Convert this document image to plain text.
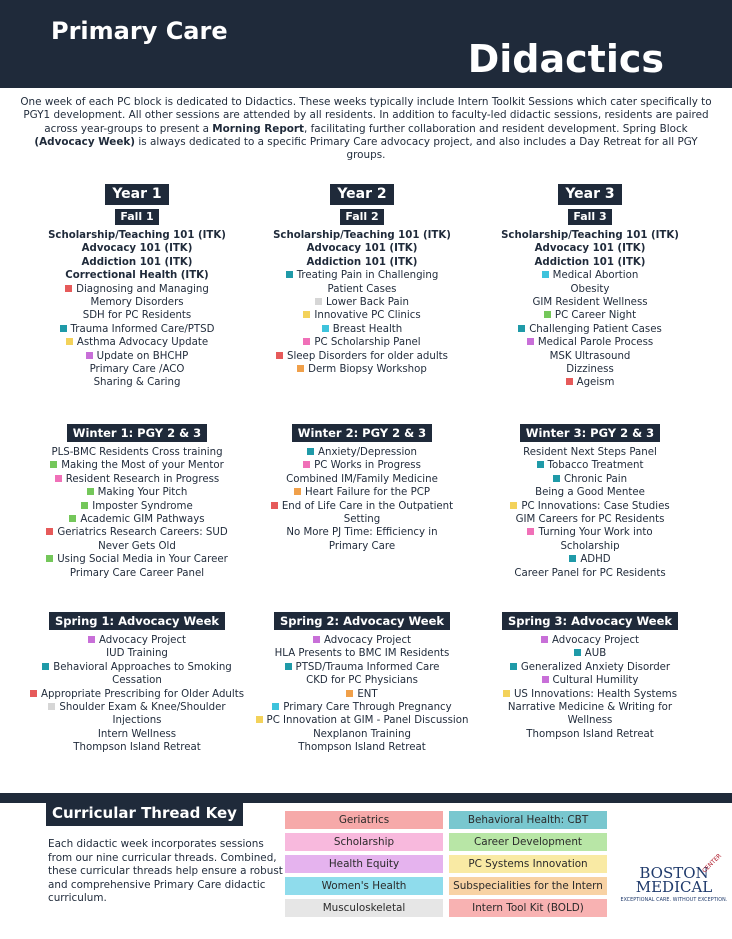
Primary Care
Didactics
One week of each PC block is dedicated to Didactics. These weeks typically include Intern Toolkit Sessions which cater specifically to PGY1 development. All other sessions are attended by all residents. In addition to faculty-led didactic sessions, residents are paired across year-groups to present a Morning Report, facilitating further collaboration and resident development. Spring Block (Advocacy Week) is always dedicated to a specific Primary Care advocacy project, and also includes a Day Retreat for all PGY groups.
Year 1
Fall 1
Scholarship/Teaching 101 (ITK)
Advocacy 101 (ITK)
Addiction 101 (ITK)
Correctional Health (ITK)
Diagnosing and Managing
Memory Disorders
SDH for PC Residents
Trauma Informed Care/PTSD
Asthma Advocacy Update
Update on BHCHP
Primary Care /ACO
Sharing & Caring
Winter 1: PGY 2 & 3
PLS-BMC Residents Cross training
Making the Most of your Mentor
Resident Research in Progress
Making Your Pitch
Imposter Syndrome
Academic GIM Pathways
Geriatrics Research Careers: SUD
Never Gets Old
Using Social Media in Your Career
Primary Care Career Panel
Spring 1: Advocacy Week
Advocacy Project
IUD Training
Behavioral Approaches to Smoking
Cessation
Appropriate Prescribing for Older Adults
Shoulder Exam & Knee/Shoulder
Injections
Intern Wellness
Thompson Island Retreat
Year 2
Fall 2
Scholarship/Teaching 101 (ITK)
Advocacy 101 (ITK)
Addiction 101 (ITK)
Treating Pain in Challenging
Patient Cases
Lower Back Pain
Innovative PC Clinics
Breast Health
PC Scholarship Panel
Sleep Disorders for older adults
Derm Biopsy Workshop
Winter 2: PGY 2 & 3
Anxiety/Depression
PC Works in Progress
Combined IM/Family Medicine
Heart Failure for the PCP
End of Life Care in the Outpatient
Setting
No More PJ Time: Efficiency in
Primary Care
Spring 2: Advocacy Week
Advocacy Project
HLA Presents to BMC IM Residents
PTSD/Trauma Informed Care
CKD for PC Physicians
ENT
Primary Care Through Pregnancy
PC Innovation at GIM - Panel Discussion
Nexplanon Training
Thompson Island Retreat
Year 3
Fall 3
Scholarship/Teaching 101 (ITK)
Advocacy 101 (ITK)
Addiction 101 (ITK)
Medical Abortion
Obesity
GIM Resident Wellness
PC Career Night
Challenging Patient Cases
Medical Parole Process
MSK Ultrasound
Dizziness
Ageism
Winter 3: PGY 2 & 3
Resident Next Steps Panel
Tobacco Treatment
Chronic Pain
Being a Good Mentee
PC Innovations: Case Studies
GIM Careers for PC Residents
Turning Your Work into
Scholarship
ADHD
Career Panel for PC Residents
Spring 3: Advocacy Week
Advocacy Project
AUB
Generalized Anxiety Disorder
Cultural Humility
US Innovations: Health Systems
Narrative Medicine & Writing for
Wellness
Thompson Island Retreat
Curricular Thread Key
Each didactic week incorporates sessions from our nine curricular threads. Combined, these curricular threads help ensure a robust and comprehensive Primary Care didactic curriculum.
Geriatrics	Behavioral Health: CBT
Scholarship	Career Development
Health Equity	PC Systems Innovation
Women's Health	Subspecialities for the Intern
Musculoskeletal	Intern Tool Kit (BOLD)
CENTER
BOSTON
MEDICAL
EXCEPTIONAL CARE. WITHOUT EXCEPTION.
